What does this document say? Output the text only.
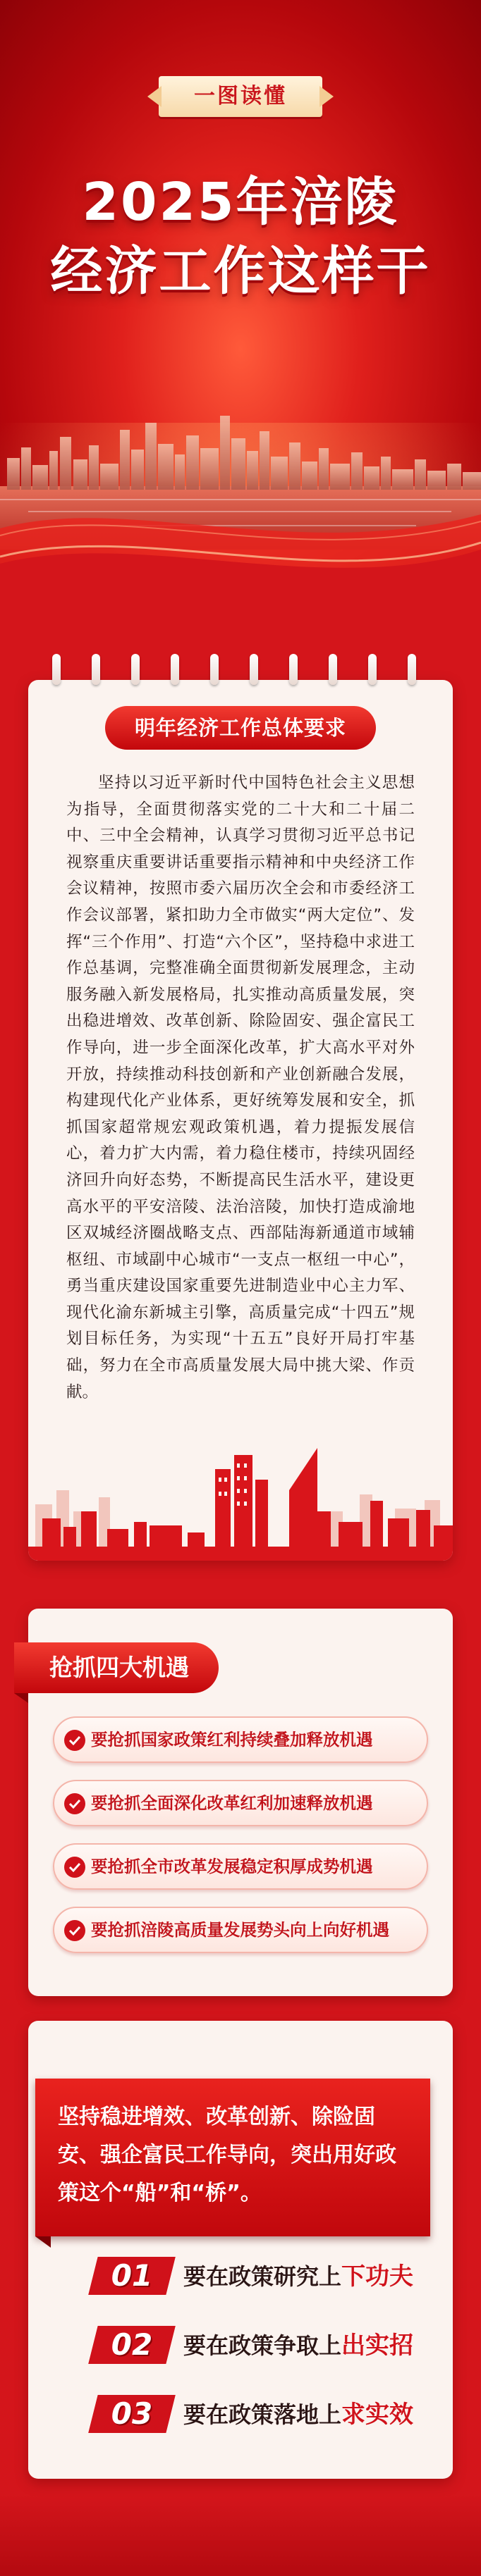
一图读懂
2025年涪陵
经济工作这样干
明年经济工作总体要求
坚持以习近平新时代中国特色社会主义思想为指导，全面贯彻落实党的二十大和二十届二中、三中全会精神，认真学习贯彻习近平总书记视察重庆重要讲话重要指示精神和中央经济工作会议精神，按照市委六届历次全会和市委经济工作会议部署，紧扣助力全市做实“两大定位”、发挥“三个作用”、打造“六个区”，坚持稳中求进工作总基调，完整准确全面贯彻新发展理念，主动服务融入新发展格局，扎实推动高质量发展，突出稳进增效、改革创新、除险固安、强企富民工作导向，进一步全面深化改革，扩大高水平对外开放，持续推动科技创新和产业创新融合发展，构建现代化产业体系，更好统筹发展和安全，抓抓国家超常规宏观政策机遇，着力提振发展信心，着力扩大内需，着力稳住楼市，持续巩固经济回升向好态势，不断提高民生活水平，建设更高水平的平安涪陵、法治涪陵，加快打造成渝地区双城经济圈战略支点、西部陆海新通道市域辅枢纽、市域副中心城市“一支点一枢纽一中心”，勇当重庆建设国家重要先进制造业中心主力军、现代化渝东新城主引擎，高质量完成“十四五”规划目标任务，为实现“十五五”良好开局打牢基础，努力在全市高质量发展大局中挑大梁、作贡献。
抢抓四大机遇
要抢抓国家政策红利持续叠加释放机遇
要抢抓全面深化改革红利加速释放机遇
要抢抓全市改革发展稳定积厚成势机遇
要抢抓涪陵高质量发展势头向上向好机遇
01	要在政策研究上下功夫
02	要在政策争取上出实招
03	要在政策落地上求实效
坚持稳进增效、改革创新、除险固安、强企富民工作导向，突出用好政策这个“船”和“桥”。
